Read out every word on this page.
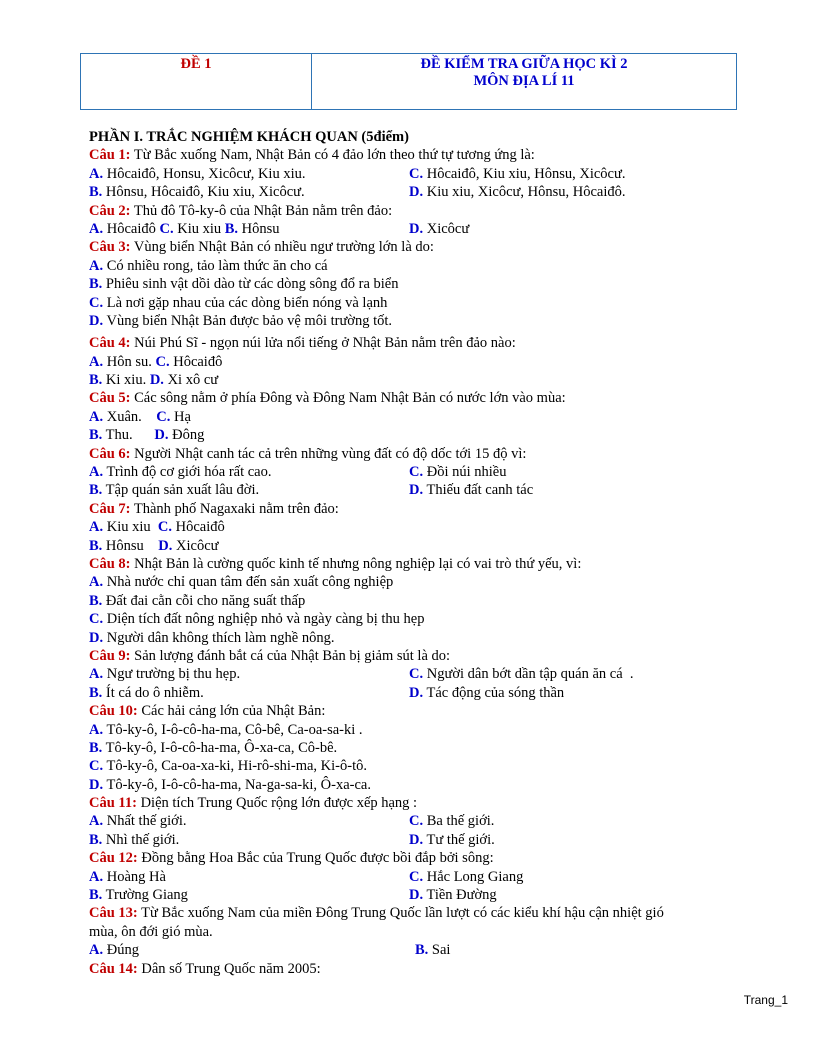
ĐỀ 1	ĐỀ KIỂM TRA GIỮA HỌC KÌ 2
MÔN ĐỊA LÍ 11
PHẦN I. TRẮC NGHIỆM KHÁCH QUAN (5điểm)
Câu 1: Từ Bắc xuống Nam, Nhật Bản có 4 đảo lớn theo thứ tự tương ứng là:
A. Hôcaiđô, Honsu, Xicôcư, Kiu xiu.	C. Hôcaiđô, Kiu xiu, Hônsu, Xicôcư.
B. Hônsu, Hôcaiđô, Kiu xiu, Xicôcư.	D. Kiu xiu, Xicôcư, Hônsu, Hôcaiđô.
Câu 2: Thủ đô Tô-ky-ô của Nhật Bản nằm trên đảo:
A. Hôcaiđô C. Kiu xiu B. Hônsu	D. Xicôcư
Câu 3: Vùng biển Nhật Bản có nhiều ngư trường lớn là do:
A. Có nhiều rong, tảo làm thức ăn cho cá
B. Phiêu sinh vật dồi dào từ các dòng sông đổ ra biển
C. Là nơi gặp nhau của các dòng biển nóng và lạnh
D. Vùng biển Nhật Bản được bảo vệ môi trường tốt.
Câu 4: Núi Phú Sĩ - ngọn núi lửa nổi tiếng ở Nhật Bản nằm trên đảo nào:
A. Hôn su. C. Hôcaiđô
B. Ki xiu. D. Xi xô cư
Câu 5: Các sông nằm ở phía Đông và Đông Nam Nhật Bản có nước lớn vào mùa:
A. Xuân.    C. Hạ
B. Thu.      D. Đông
Câu 6: Người Nhật canh tác cả trên những vùng đất có độ dốc tới 15 độ vì:
A. Trình độ cơ giới hóa rất cao.	C. Đồi núi nhiều
B. Tập quán sản xuất lâu đời.	D. Thiếu đất canh tác
Câu 7: Thành phố Nagaxaki nằm trên đảo:
A. Kiu xiu  C. Hôcaiđô
B. Hônsu    D. Xicôcư
Câu 8: Nhật Bản là cường quốc kinh tế nhưng nông nghiệp lại có vai trò thứ yếu, vì:
A. Nhà nước chỉ quan tâm đến sản xuất công nghiệp
B. Đất đai cằn cỗi cho năng suất thấp
C. Diện tích đất nông nghiệp nhỏ và ngày càng bị thu hẹp
D. Người dân không thích làm nghề nông.
Câu 9: Sản lượng đánh bắt cá của Nhật Bản bị giảm sút là do:
A. Ngư trường bị thu hẹp.	C. Người dân bớt dần tập quán ăn cá  .
B. Ít cá do ô nhiễm.	D. Tác động của sóng thần
Câu 10: Các hải cảng lớn của Nhật Bản:
A. Tô-ky-ô, I-ô-cô-ha-ma, Cô-bê, Ca-oa-sa-ki .
B. Tô-ky-ô, I-ô-cô-ha-ma, Ô-xa-ca, Cô-bê.
C. Tô-ky-ô, Ca-oa-xa-ki, Hi-rô-shi-ma, Ki-ô-tô.
D. Tô-ky-ô, I-ô-cô-ha-ma, Na-ga-sa-ki, Ô-xa-ca.
Câu 11: Diện tích Trung Quốc rộng lớn được xếp hạng :
A. Nhất thế giới.	C. Ba thế giới.
B. Nhì thế giới.	D. Tư thế giới.
Câu 12: Đồng bằng Hoa Bắc của Trung Quốc được bồi đắp bởi sông:
A. Hoàng Hà	C. Hắc Long Giang
B. Trường Giang	D. Tiền Đường
Câu 13: Từ Bắc xuống Nam của miền Đông Trung Quốc lần lượt có các kiểu khí hậu cận nhiệt gió mùa, ôn đới gió mùa.
A. Đúng	B. Sai
Câu 14: Dân số Trung Quốc năm 2005:
Trang_1
